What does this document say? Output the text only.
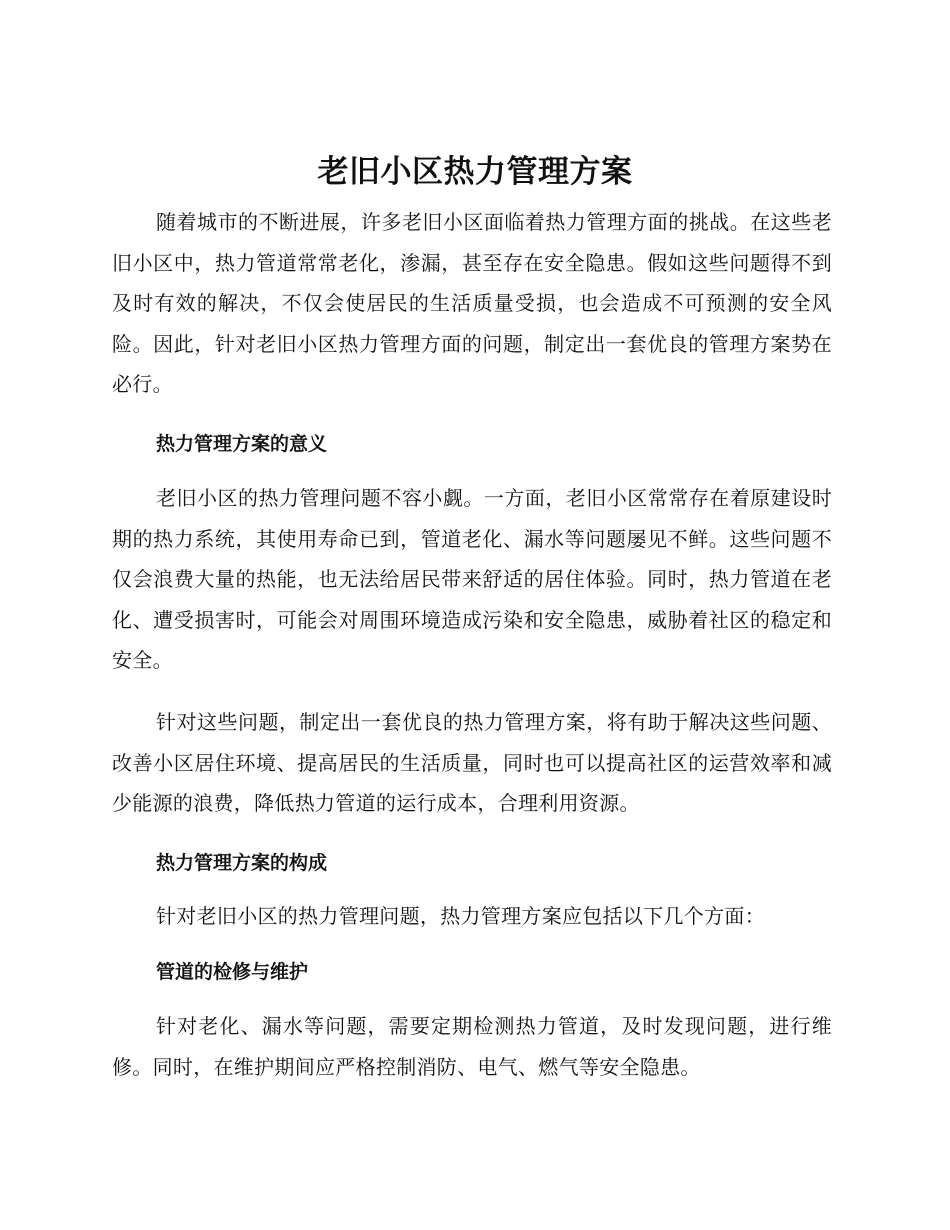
老旧小区热力管理方案

随着城市的不断进展，许多老旧小区面临着热力管理方面的挑战。在这些老旧小区中，热力管道常常老化，渗漏，甚至存在安全隐患。假如这些问题得不到及时有效的解决，不仅会使居民的生活质量受损，也会造成不可预测的安全风险。因此，针对老旧小区热力管理方面的问题，制定出一套优良的管理方案势在必行。

热力管理方案的意义

老旧小区的热力管理问题不容小觑。一方面，老旧小区常常存在着原建设时期的热力系统，其使用寿命已到，管道老化、漏水等问题屡见不鲜。这些问题不仅会浪费大量的热能，也无法给居民带来舒适的居住体验。同时，热力管道在老化、遭受损害时，可能会对周围环境造成污染和安全隐患，威胁着社区的稳定和安全。

针对这些问题，制定出一套优良的热力管理方案，将有助于解决这些问题、改善小区居住环境、提高居民的生活质量，同时也可以提高社区的运营效率和减少能源的浪费，降低热力管道的运行成本，合理利用资源。

热力管理方案的构成

针对老旧小区的热力管理问题，热力管理方案应包括以下几个方面：

管道的检修与维护

针对老化、漏水等问题，需要定期检测热力管道，及时发现问题，进行维修。同时，在维护期间应严格控制消防、电气、燃气等安全隐患。
